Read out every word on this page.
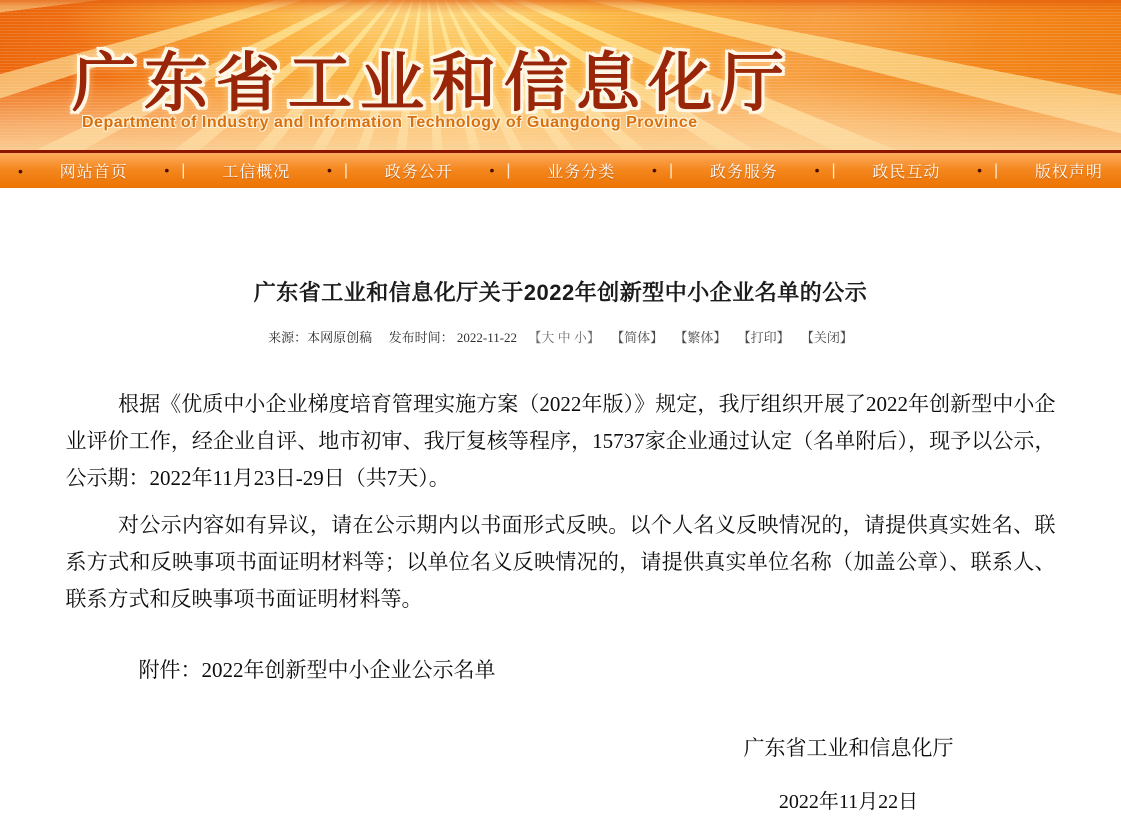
广东省工业和信息化厅
Department of Industry and Information Technology of Guangdong Province
• 网站首页	• | 工信概况	• | 政务公开	• | 业务分类	• | 政务服务	• | 政民互动	• | 版权声明
广东省工业和信息化厅关于2022年创新型中小企业名单的公示
来源：本网原创稿 发布时间： 2022-11-22 【大 中 小】 【简体】 【繁体】 【打印】 【关闭】

根据《优质中小企业梯度培育管理实施方案（2022年版）》规定，我厅组织开展了2022年创新型中小企业评价工作，经企业自评、地市初审、我厅复核等程序，15737家企业通过认定（名单附后），现予以公示，公示期：2022年11月23日-29日（共7天）。

对公示内容如有异议，请在公示期内以书面形式反映。以个人名义反映情况的，请提供真实姓名、联系方式和反映事项书面证明材料等；以单位名义反映情况的，请提供真实单位名称（加盖公章）、联系人、联系方式和反映事项书面证明材料等。

附件：2022年创新型中小企业公示名单
广东省工业和信息化厅
2022年11月22日
